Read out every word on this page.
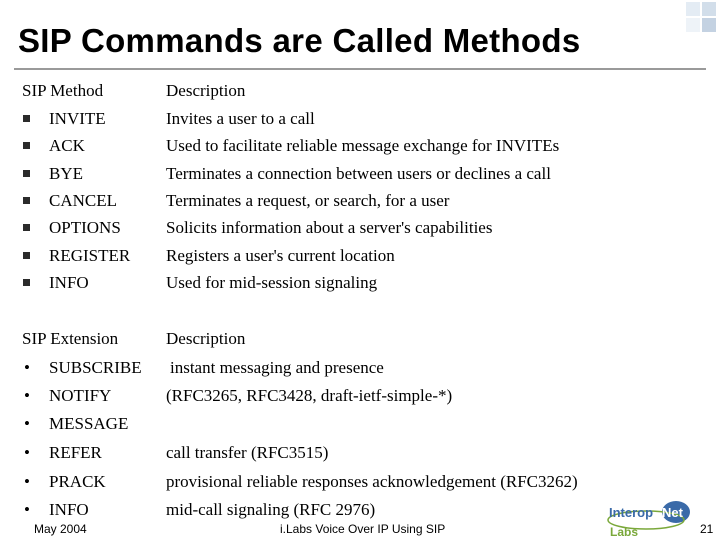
SIP Commands are Called Methods
SIP Method	Description
INVITE	Invites a user to a call
ACK	Used to facilitate reliable message exchange for INVITEs
BYE	Terminates a connection between users or declines a call
CANCEL	Terminates a request, or search, for a user
OPTIONS	Solicits information about a server's capabilities
REGISTER Registers a user's current location
INFO	Used for mid-session signaling
SIP Extension	Description
• SUBSCRIBE instant messaging and presence
• NOTIFY	(RFC3265, RFC3428, draft-ietf-simple-*)
• MESSAGE
• REFER	call transfer (RFC3515)
• PRACK	provisional reliable responses acknowledgement (RFC3262)
• INFO	mid-call signaling (RFC 2976)
May 2004	i.Labs Voice Over IP Using SIP	21
Interop Net
Labs
